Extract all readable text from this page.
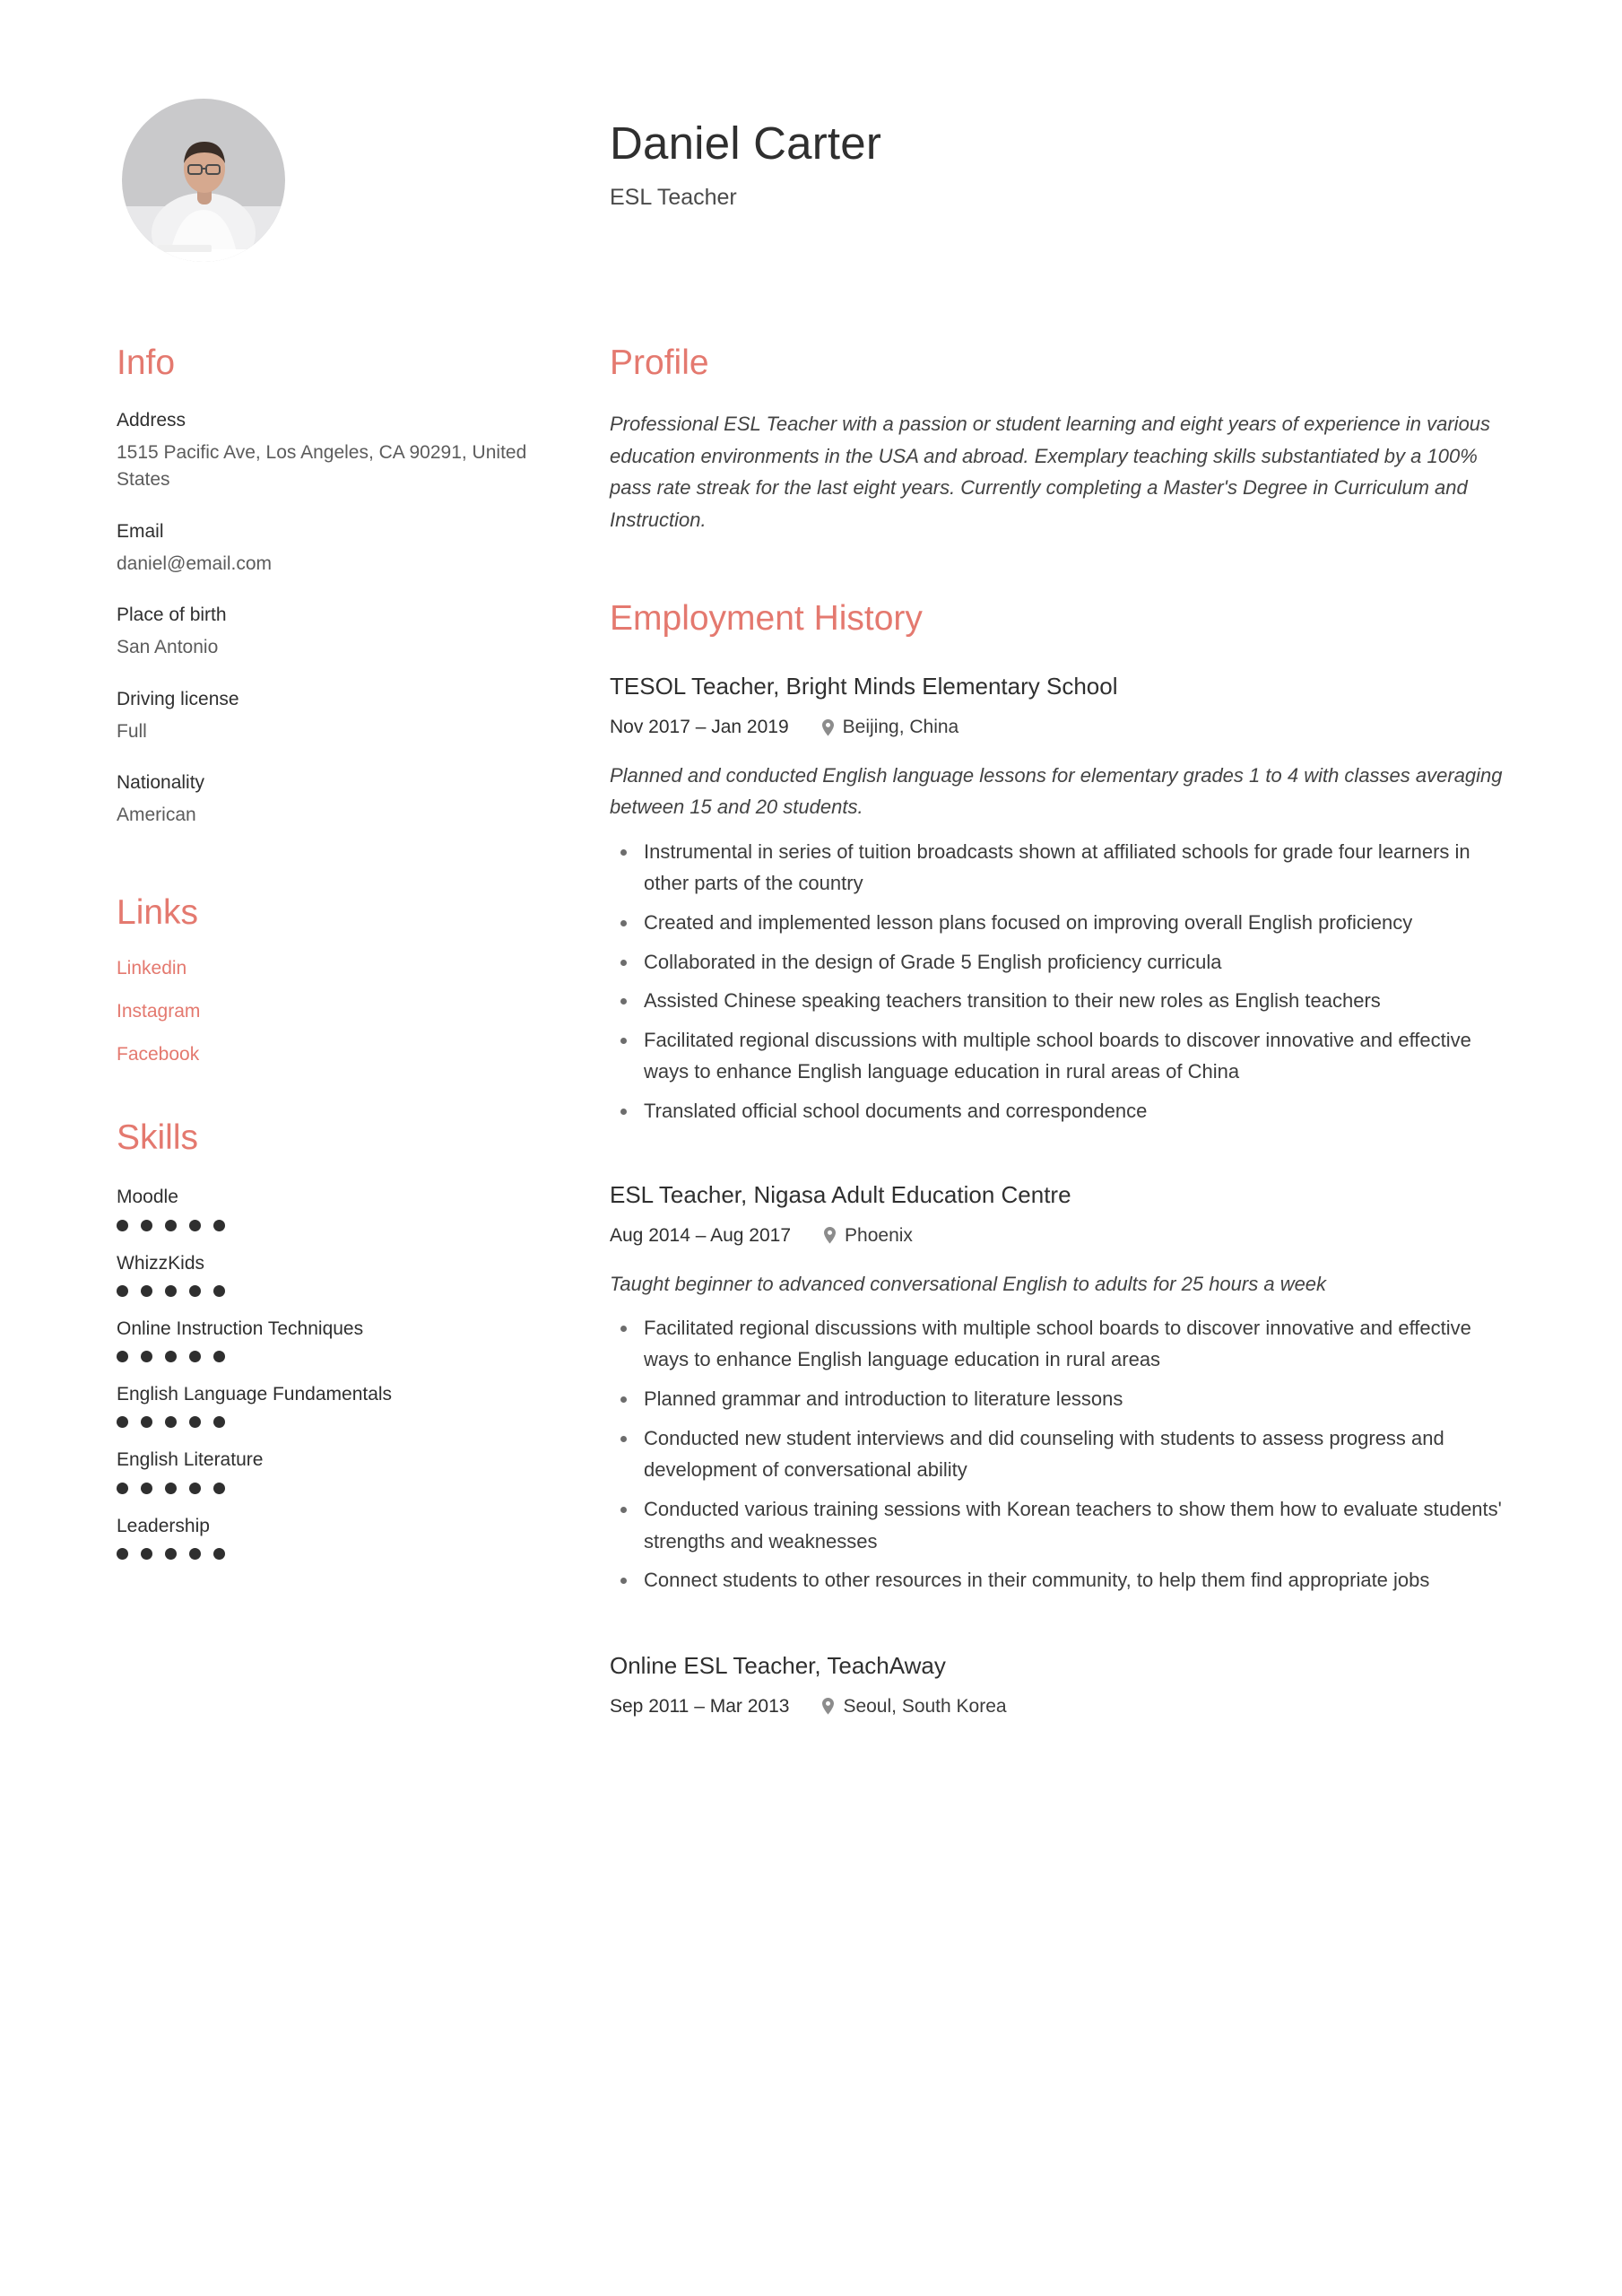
Daniel Carter
ESL Teacher
Info
Address
1515 Pacific Ave, Los Angeles, CA 90291, United States
Email
daniel@email.com
Place of birth
San Antonio
Driving license
Full
Nationality
American
Links
Linkedin
Instagram
Facebook
Skills
Moodle
WhizzKids
Online Instruction Techniques
English Language Fundamentals
English Literature
Leadership
Profile
Professional ESL Teacher with a passion or student learning and eight years of experience in various education environments in the USA and abroad. Exemplary teaching skills substantiated by a 100% pass rate streak for the last eight years. Currently completing a Master's Degree in Curriculum and Instruction.
Employment History
TESOL Teacher, Bright Minds Elementary School
Nov 2017 – Jan 2019	Beijing, China
Planned and conducted English language lessons for elementary grades 1 to 4 with classes averaging between 15 and 20 students.
Instrumental in series of tuition broadcasts shown at affiliated schools for grade four learners in other parts of the country
Created and implemented lesson plans focused on improving overall English proficiency
Collaborated in the design of Grade 5 English proficiency curricula
Assisted Chinese speaking teachers transition to their new roles as English teachers
Facilitated regional discussions with multiple school boards to discover innovative and effective ways to enhance English language education in rural areas of China
Translated official school documents and correspondence
ESL Teacher, Nigasa Adult Education Centre
Aug 2014 – Aug 2017	Phoenix
Taught beginner to advanced conversational English to adults for 25 hours a week
Facilitated regional discussions with multiple school boards to discover innovative and effective ways to enhance English language education in rural areas
Planned grammar and introduction to literature lessons
Conducted new student interviews and did counseling with students to assess progress and development of conversational ability
Conducted various training sessions with Korean teachers to show them how to evaluate students' strengths and weaknesses
Connect students to other resources in their community, to help them find appropriate jobs
Online ESL Teacher, TeachAway
Sep 2011 – Mar 2013	Seoul, South Korea
